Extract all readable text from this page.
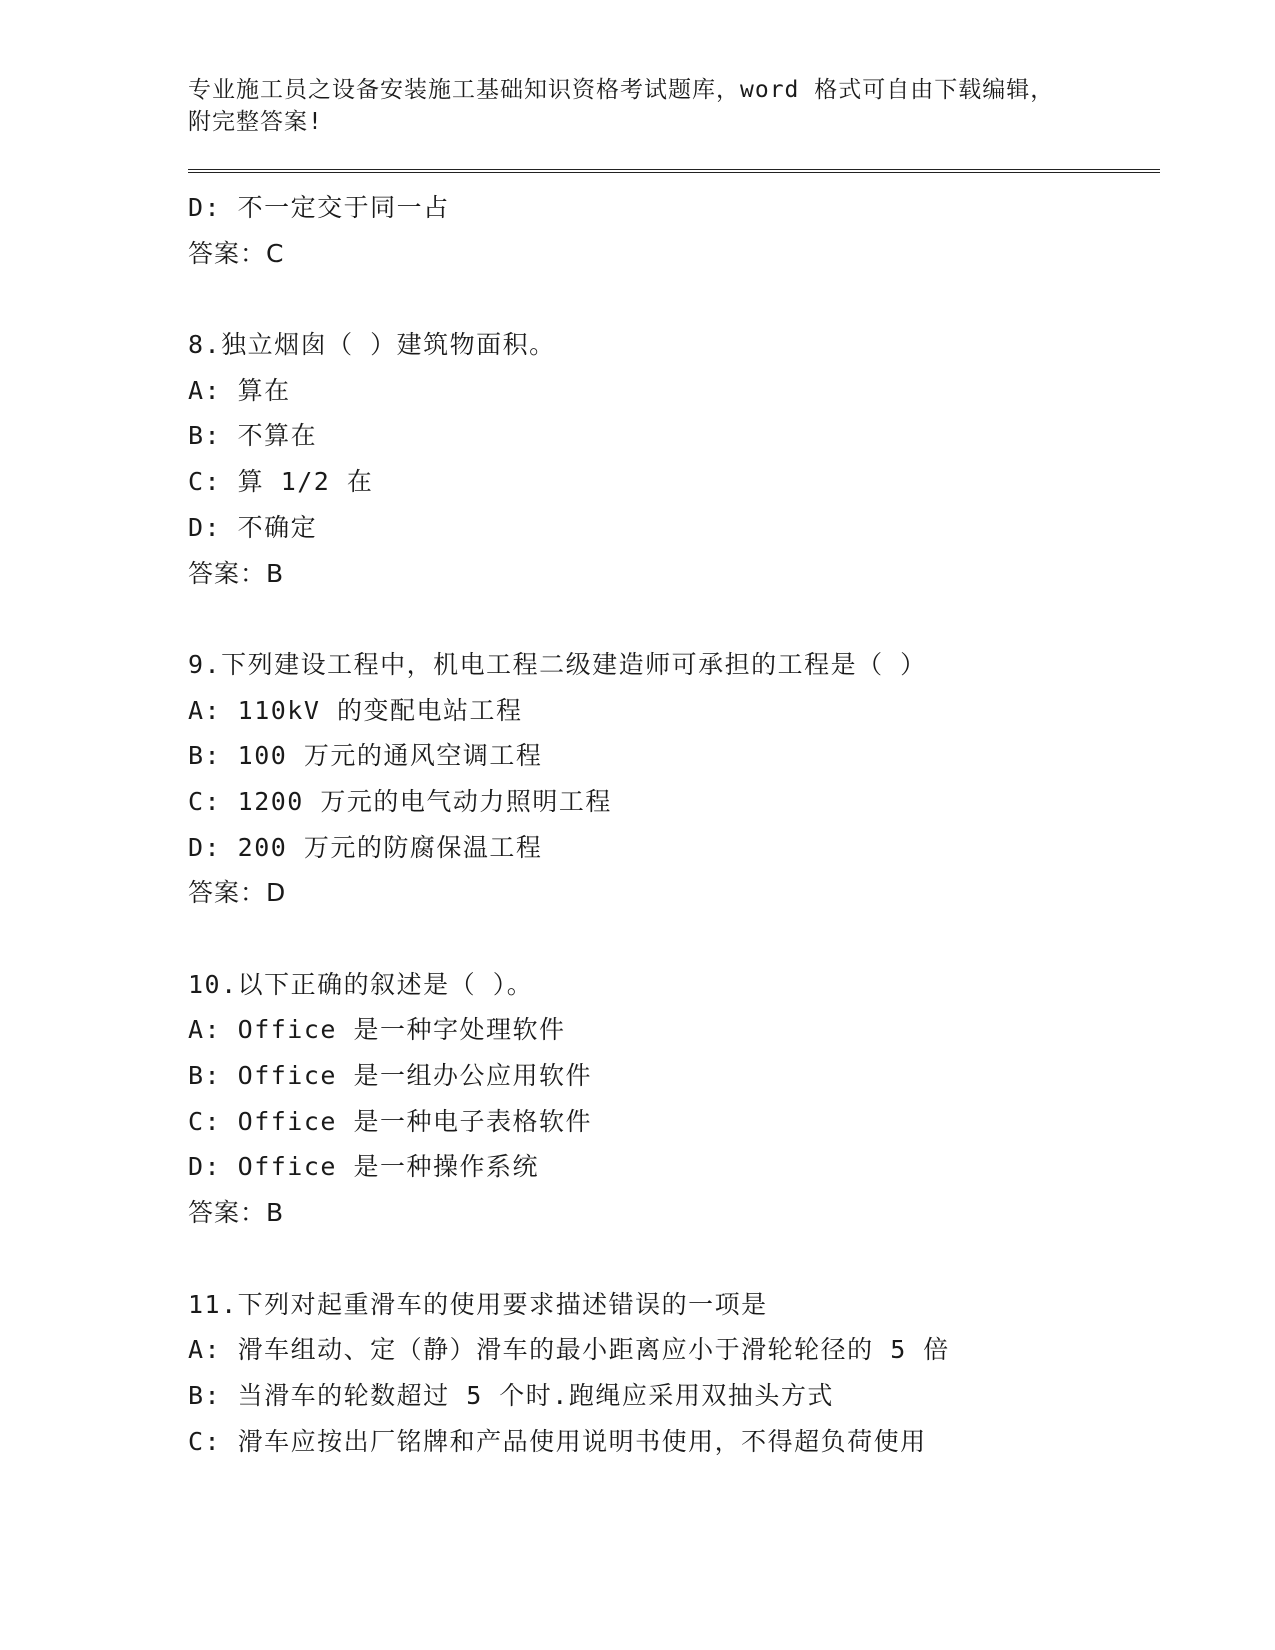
专业施工员之设备安装施工基础知识资格考试题库，word 格式可自由下载编辑，
附完整答案!

D: 不一定交于同一占
答案：C
8.独立烟囱（ ）建筑物面积。
A: 算在
B: 不算在
C: 算 1/2 在
D: 不确定
答案：B
9.下列建设工程中，机电工程二级建造师可承担的工程是（ ）
A: 110kV 的变配电站工程
B: 100 万元的通风空调工程
C: 1200 万元的电气动力照明工程
D: 200 万元的防腐保温工程
答案：D
10.以下正确的叙述是（ ）。
A: Office 是一种字处理软件
B: Office 是一组办公应用软件
C: Office 是一种电子表格软件
D: Office 是一种操作系统
答案：B
11.下列对起重滑车的使用要求描述错误的一项是
A: 滑车组动、定（静）滑车的最小距离应小于滑轮轮径的 5 倍
B: 当滑车的轮数超过 5 个时.跑绳应采用双抽头方式
C: 滑车应按出厂铭牌和产品使用说明书使用，不得超负荷使用
